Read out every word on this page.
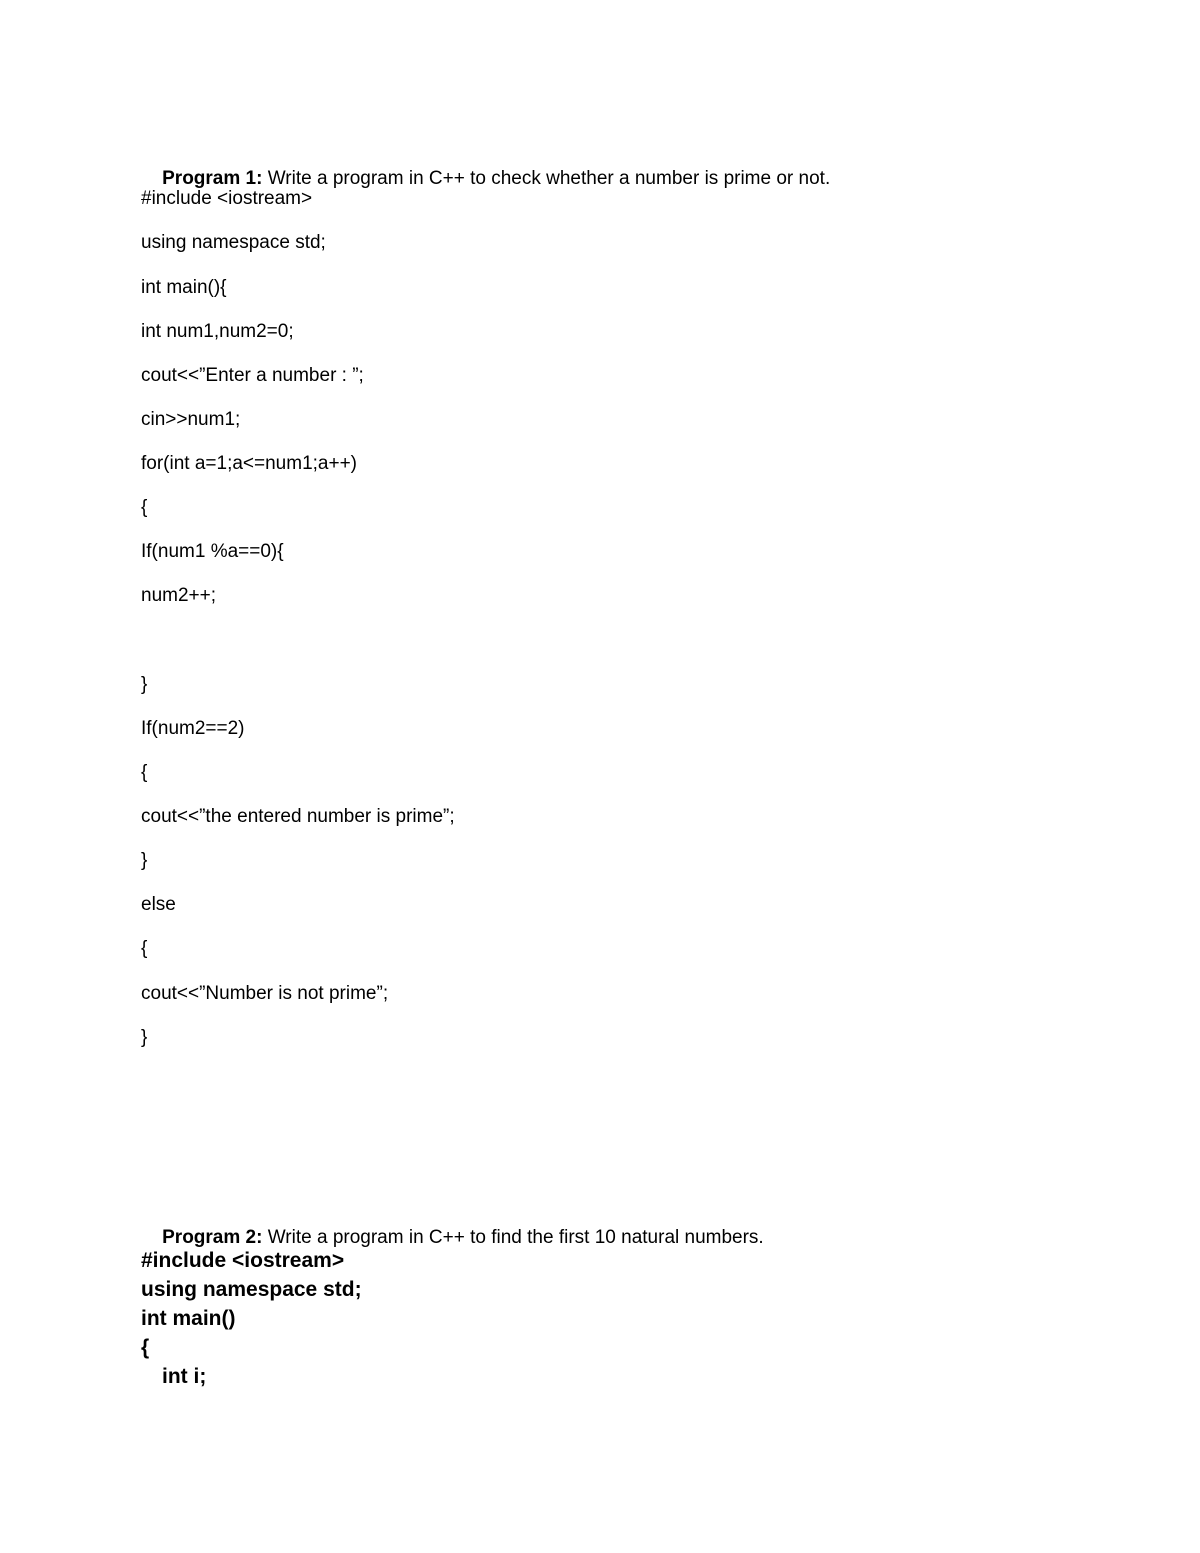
Program 1: Write a program in C++ to check whether a number is prime or not.

#include <iostream>
using namespace std;
int main(){
int num1,num2=0;
cout<<”Enter a number : ”;
cin>>num1;
for(int a=1;a<=num1;a++)
{
If(num1 %a==0){
num2++;
}
If(num2==2)
{
cout<<”the entered number is prime”;
}
else
{
cout<<”Number is not prime”;
}

Program 2: Write a program in C++ to find the first 10 natural numbers.

#include <iostream>
using namespace std;
int main()
{
int i;
